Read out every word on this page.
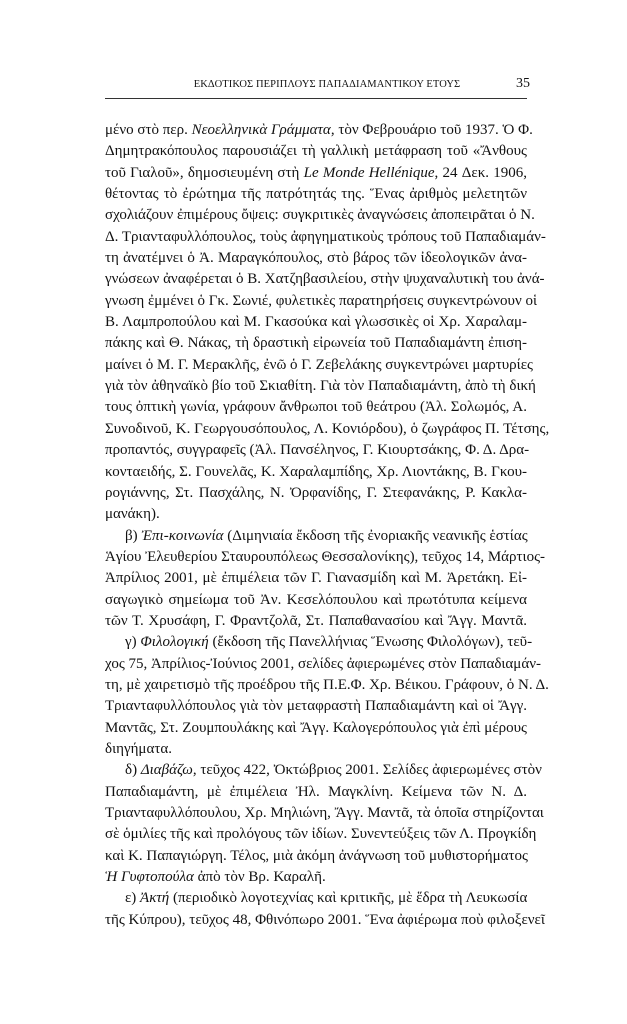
ΕΚΔΟΤΙΚΟΣ ΠΕΡΙΠΛΟΥΣ ΠΑΠΑΔΙΑΜΑΝΤΙΚΟΥ ΕΤΟΥΣ	35
μένο στὸ περ. Νεοελληνικὰ Γράμματα, τὸν Φεβρουάριο τοῦ 1937. Ὁ Φ.
Δημητρακόπουλος παρουσιάζει τὴ γαλλικὴ μετάφραση τοῦ «Ἄνθους
τοῦ Γιαλοῦ», δημοσιευμένη στὴ Le Monde Hellénique, 24 Δεκ. 1906,
θέτοντας τὸ ἐρώτημα τῆς πατρότητάς της. Ἕνας ἀριθμὸς μελετητῶν
σχολιάζουν ἐπιμέρους ὄψεις: συγκριτικὲς ἀναγνώσεις ἀποπειρᾶται ὁ Ν.
Δ. Τριανταφυλλόπουλος, τοὺς ἀφηγηματικοὺς τρόπους τοῦ Παπαδιαμάν-
τη ἀνατέμνει ὁ Ἀ. Μαραγκόπουλος, στὸ βάρος τῶν ἰδεολογικῶν ἀνα-
γνώσεων ἀναφέρεται ὁ Β. Χατζηβασιλείου, στὴν ψυχαναλυτικὴ του ἀνά-
γνωση ἐμμένει ὁ Γκ. Σωνιέ, φυλετικὲς παρατηρήσεις συγκεντρώνουν οἱ
Β. Λαμπροπούλου καὶ Μ. Γκασούκα καὶ γλωσσικὲς οἱ Χρ. Χαραλαμ-
πάκης καὶ Θ. Νάκας, τὴ δραστικὴ εἰρωνεία τοῦ Παπαδιαμάντη ἐπιση-
μαίνει ὁ Μ. Γ. Μερακλῆς, ἐνῶ ὁ Γ. Ζεβελάκης συγκεντρώνει μαρτυρίες
γιὰ τὸν ἀθηναϊκὸ βίο τοῦ Σκιαθίτη. Γιὰ τὸν Παπαδιαμάντη, ἀπὸ τὴ δική
τους ὀπτικὴ γωνία, γράφουν ἄνθρωποι τοῦ θεάτρου (Ἀλ. Σολωμός, Α.
Συνοδινοῦ, Κ. Γεωργουσόπουλος, Λ. Κονιόρδου), ὁ ζωγράφος Π. Τέτσης,
προπαντός, συγγραφεῖς (Ἀλ. Πανσέληνος, Γ. Κιουρτσάκης, Φ. Δ. Δρα-
κονταειδής, Σ. Γουνελᾶς, Κ. Χαραλαμπίδης, Χρ. Λιοντάκης, Β. Γκου-
ρογιάννης, Στ. Πασχάλης, Ν. Ὀρφανίδης, Γ. Στεφανάκης, Ρ. Κακλα-
μανάκη).
β) Ἐπι-κοινωνία (Διμηνιαία ἔκδοση τῆς ἐνοριακῆς νεανικῆς ἑστίας
Ἁγίου Ἐλευθερίου Σταυρουπόλεως Θεσσαλονίκης), τεῦχος 14, Μάρτιος-
Ἀπρίλιος 2001, μὲ ἐπιμέλεια τῶν Γ. Γιανασμίδη καὶ Μ. Ἀρετάκη. Εἰ-
σαγωγικὸ σημείωμα τοῦ Ἀν. Κεσελόπουλου καὶ πρωτότυπα κείμενα
τῶν Τ. Χρυσάφη, Γ. Φραντζολᾶ, Στ. Παπαθανασίου καὶ Ἄγγ. Μαντᾶ.
γ) Φιλολογική (ἔκδοση τῆς Πανελλήνιας Ἕνωσης Φιλολόγων), τεῦ-
χος 75, Ἀπρίλιος-Ἰούνιος 2001, σελίδες ἀφιερωμένες στὸν Παπαδιαμάν-
τη, μὲ χαιρετισμὸ τῆς προέδρου τῆς Π.Ε.Φ. Χρ. Βέικου. Γράφουν, ὁ Ν. Δ.
Τριανταφυλλόπουλος γιὰ τὸν μεταφραστὴ Παπαδιαμάντη καὶ οἱ Ἄγγ.
Μαντᾶς, Στ. Ζουμπουλάκης καὶ Ἄγγ. Καλογερόπουλος γιὰ ἐπὶ μέρους
διηγήματα.
δ) Διαβάζω, τεῦχος 422, Ὀκτώβριος 2001. Σελίδες ἀφιερωμένες στὸν
Παπαδιαμάντη, μὲ ἐπιμέλεια Ἠλ. Μαγκλίνη. Κείμενα τῶν Ν. Δ.
Τριανταφυλλόπουλου, Χρ. Μηλιώνη, Ἄγγ. Μαντᾶ, τὰ ὁποῖα στηρίζονται
σὲ ὁμιλίες τῆς καὶ προλόγους τῶν ἰδίων. Συνεντεύξεις τῶν Λ. Προγκίδη
καὶ Κ. Παπαγιώργη. Τέλος, μιὰ ἀκόμη ἀνάγνωση τοῦ μυθιστορήματος
Ἡ Γυφτοπούλα ἀπὸ τὸν Βρ. Καραλῆ.
ε) Ἀκτή (περιοδικὸ λογοτεχνίας καὶ κριτικῆς, μὲ ἕδρα τὴ Λευκωσία
τῆς Κύπρου), τεῦχος 48, Φθινόπωρο 2001. Ἕνα ἀφιέρωμα ποὺ φιλοξενεῖ
